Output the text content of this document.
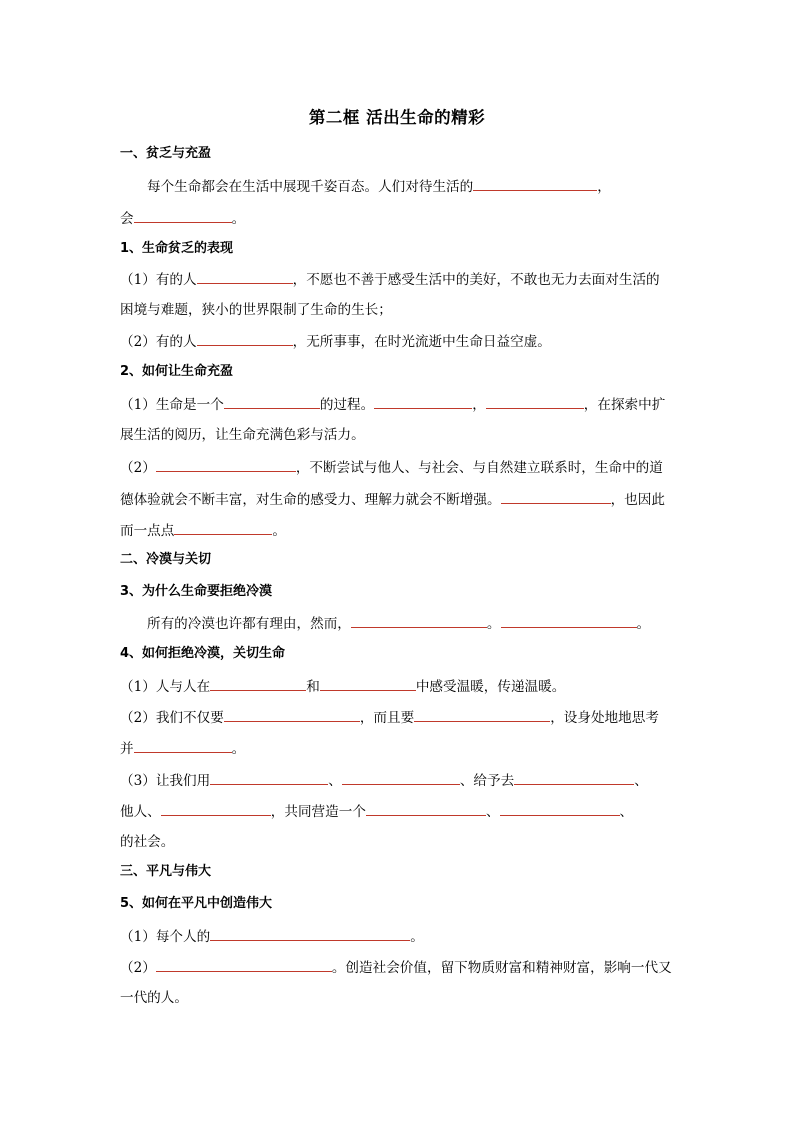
第二框 活出生命的精彩
一、贫乏与充盈
每个生命都会在生活中展现千姿百态。人们对待生活的	，
会	。
1、生命贫乏的表现
（1）有的人	，不愿也不善于感受生活中的美好，不敢也无力去面对生活的
困境与难题，狭小的世界限制了生命的生长；
（2）有的人	，无所事事，在时光流逝中生命日益空虚。
2、如何让生命充盈
（1）生命是一个	的过程。	，	，在探索中扩
展生活的阅历，让生命充满色彩与活力。
（2）	，不断尝试与他人、与社会、与自然建立联系时，生命中的道
德体验就会不断丰富，对生命的感受力、理解力就会不断增强。	，也因此
而一点点	。
二、冷漠与关切
3、为什么生命要拒绝冷漠
所有的冷漠也许都有理由，然而，	。	。
4、如何拒绝冷漠，关切生命
（1）人与人在	和	中感受温暖，传递温暖。
（2）我们不仅要	，而且要	，设身处地地思考
并	。
（3）让我们用	、	、给予去	、
他人、	，共同营造一个	、	、
的社会。
三、平凡与伟大
5、如何在平凡中创造伟大
（1）每个人的	。
（2）	。创造社会价值，留下物质财富和精神财富，影响一代又
一代的人。
